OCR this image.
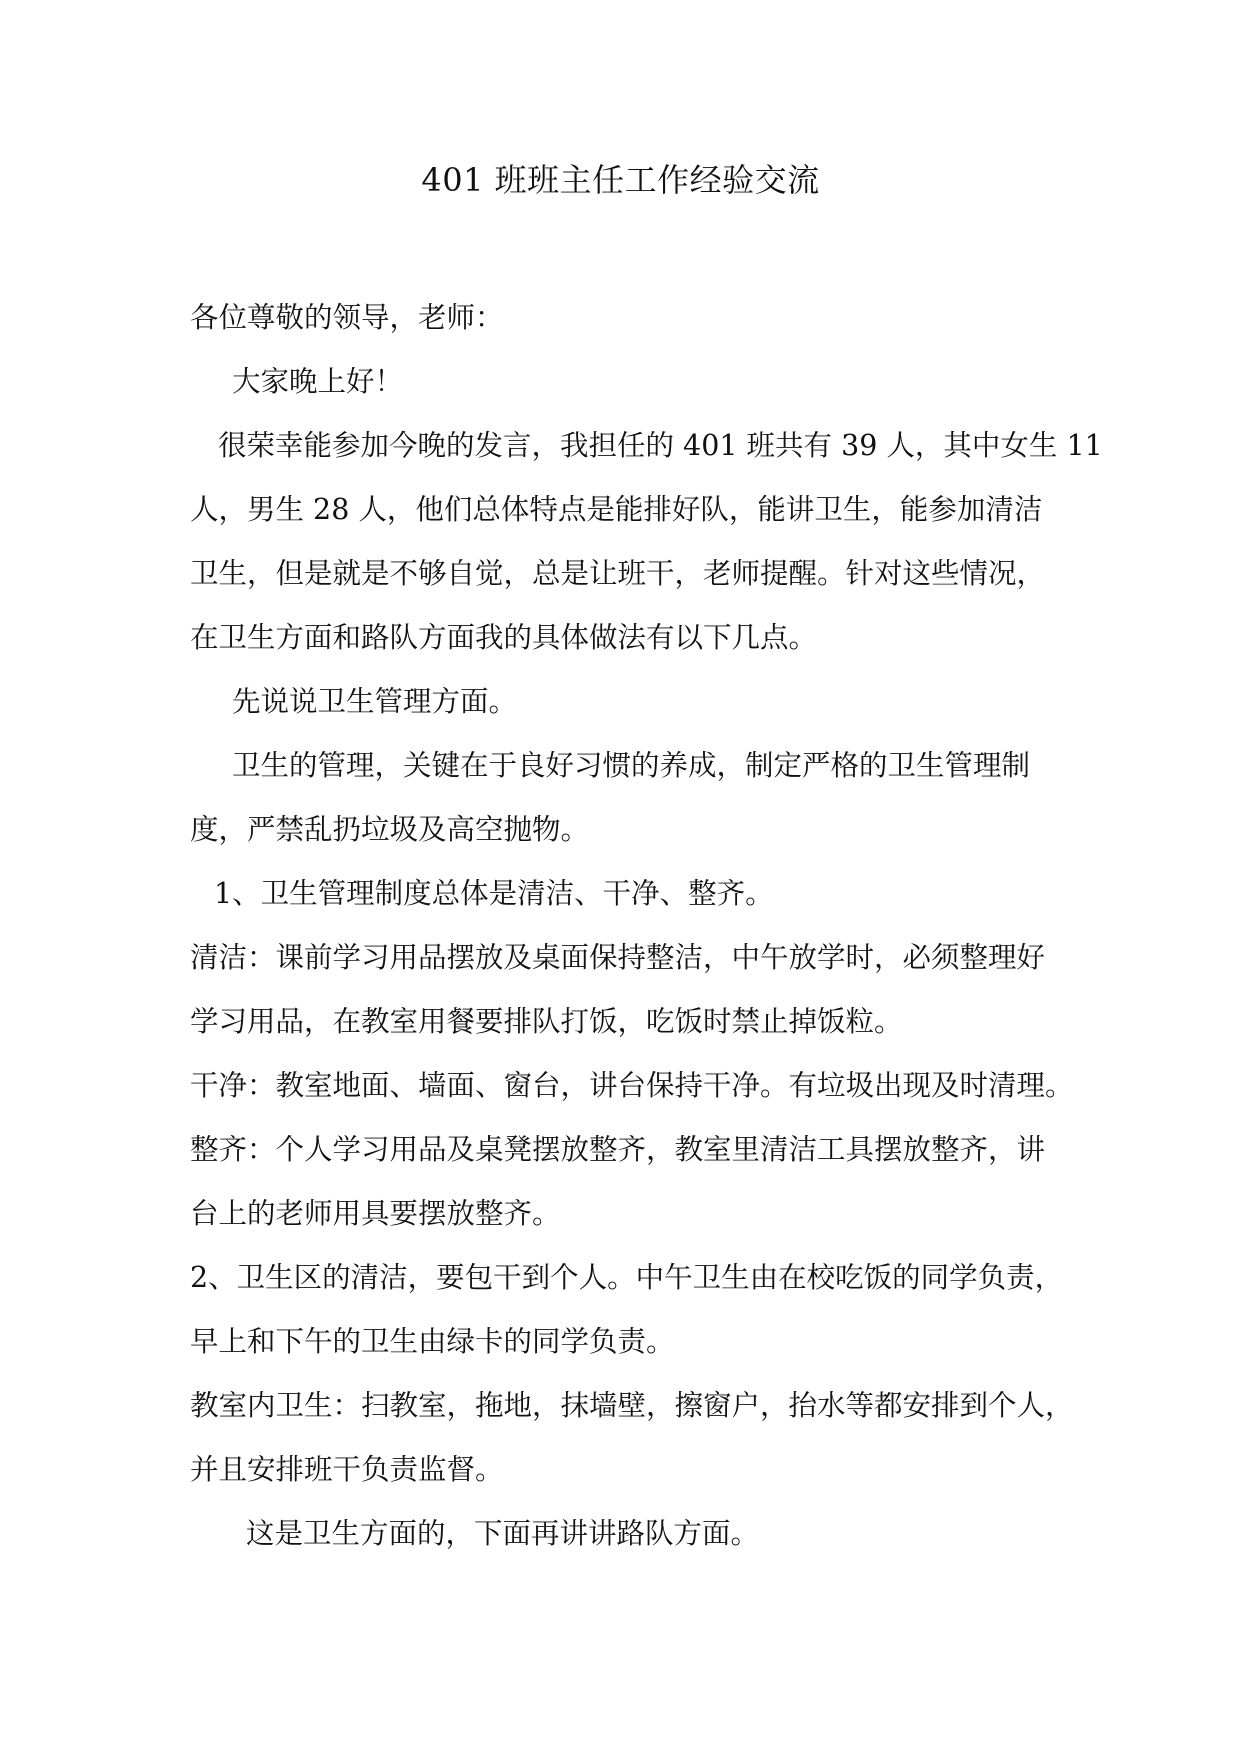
401 班班主任工作经验交流
各位尊敬的领导，老师：
大家晚上好！
很荣幸能参加今晚的发言，我担任的 401 班共有 39 人，其中女生 11
人，男生 28 人，他们总体特点是能排好队，能讲卫生，能参加清洁
卫生，但是就是不够自觉，总是让班干，老师提醒。针对这些情况，
在卫生方面和路队方面我的具体做法有以下几点。
先说说卫生管理方面。
卫生的管理，关键在于良好习惯的养成，制定严格的卫生管理制
度，严禁乱扔垃圾及高空抛物。
1、卫生管理制度总体是清洁、干净、整齐。
清洁：课前学习用品摆放及桌面保持整洁，中午放学时，必须整理好
学习用品，在教室用餐要排队打饭，吃饭时禁止掉饭粒。
干净：教室地面、墙面、窗台，讲台保持干净。有垃圾出现及时清理。
整齐：个人学习用品及桌凳摆放整齐，教室里清洁工具摆放整齐，讲
台上的老师用具要摆放整齐。
2、卫生区的清洁，要包干到个人。中午卫生由在校吃饭的同学负责，
早上和下午的卫生由绿卡的同学负责。
教室内卫生：扫教室，拖地，抹墙壁，擦窗户，抬水等都安排到个人，
并且安排班干负责监督。
这是卫生方面的，下面再讲讲路队方面。
